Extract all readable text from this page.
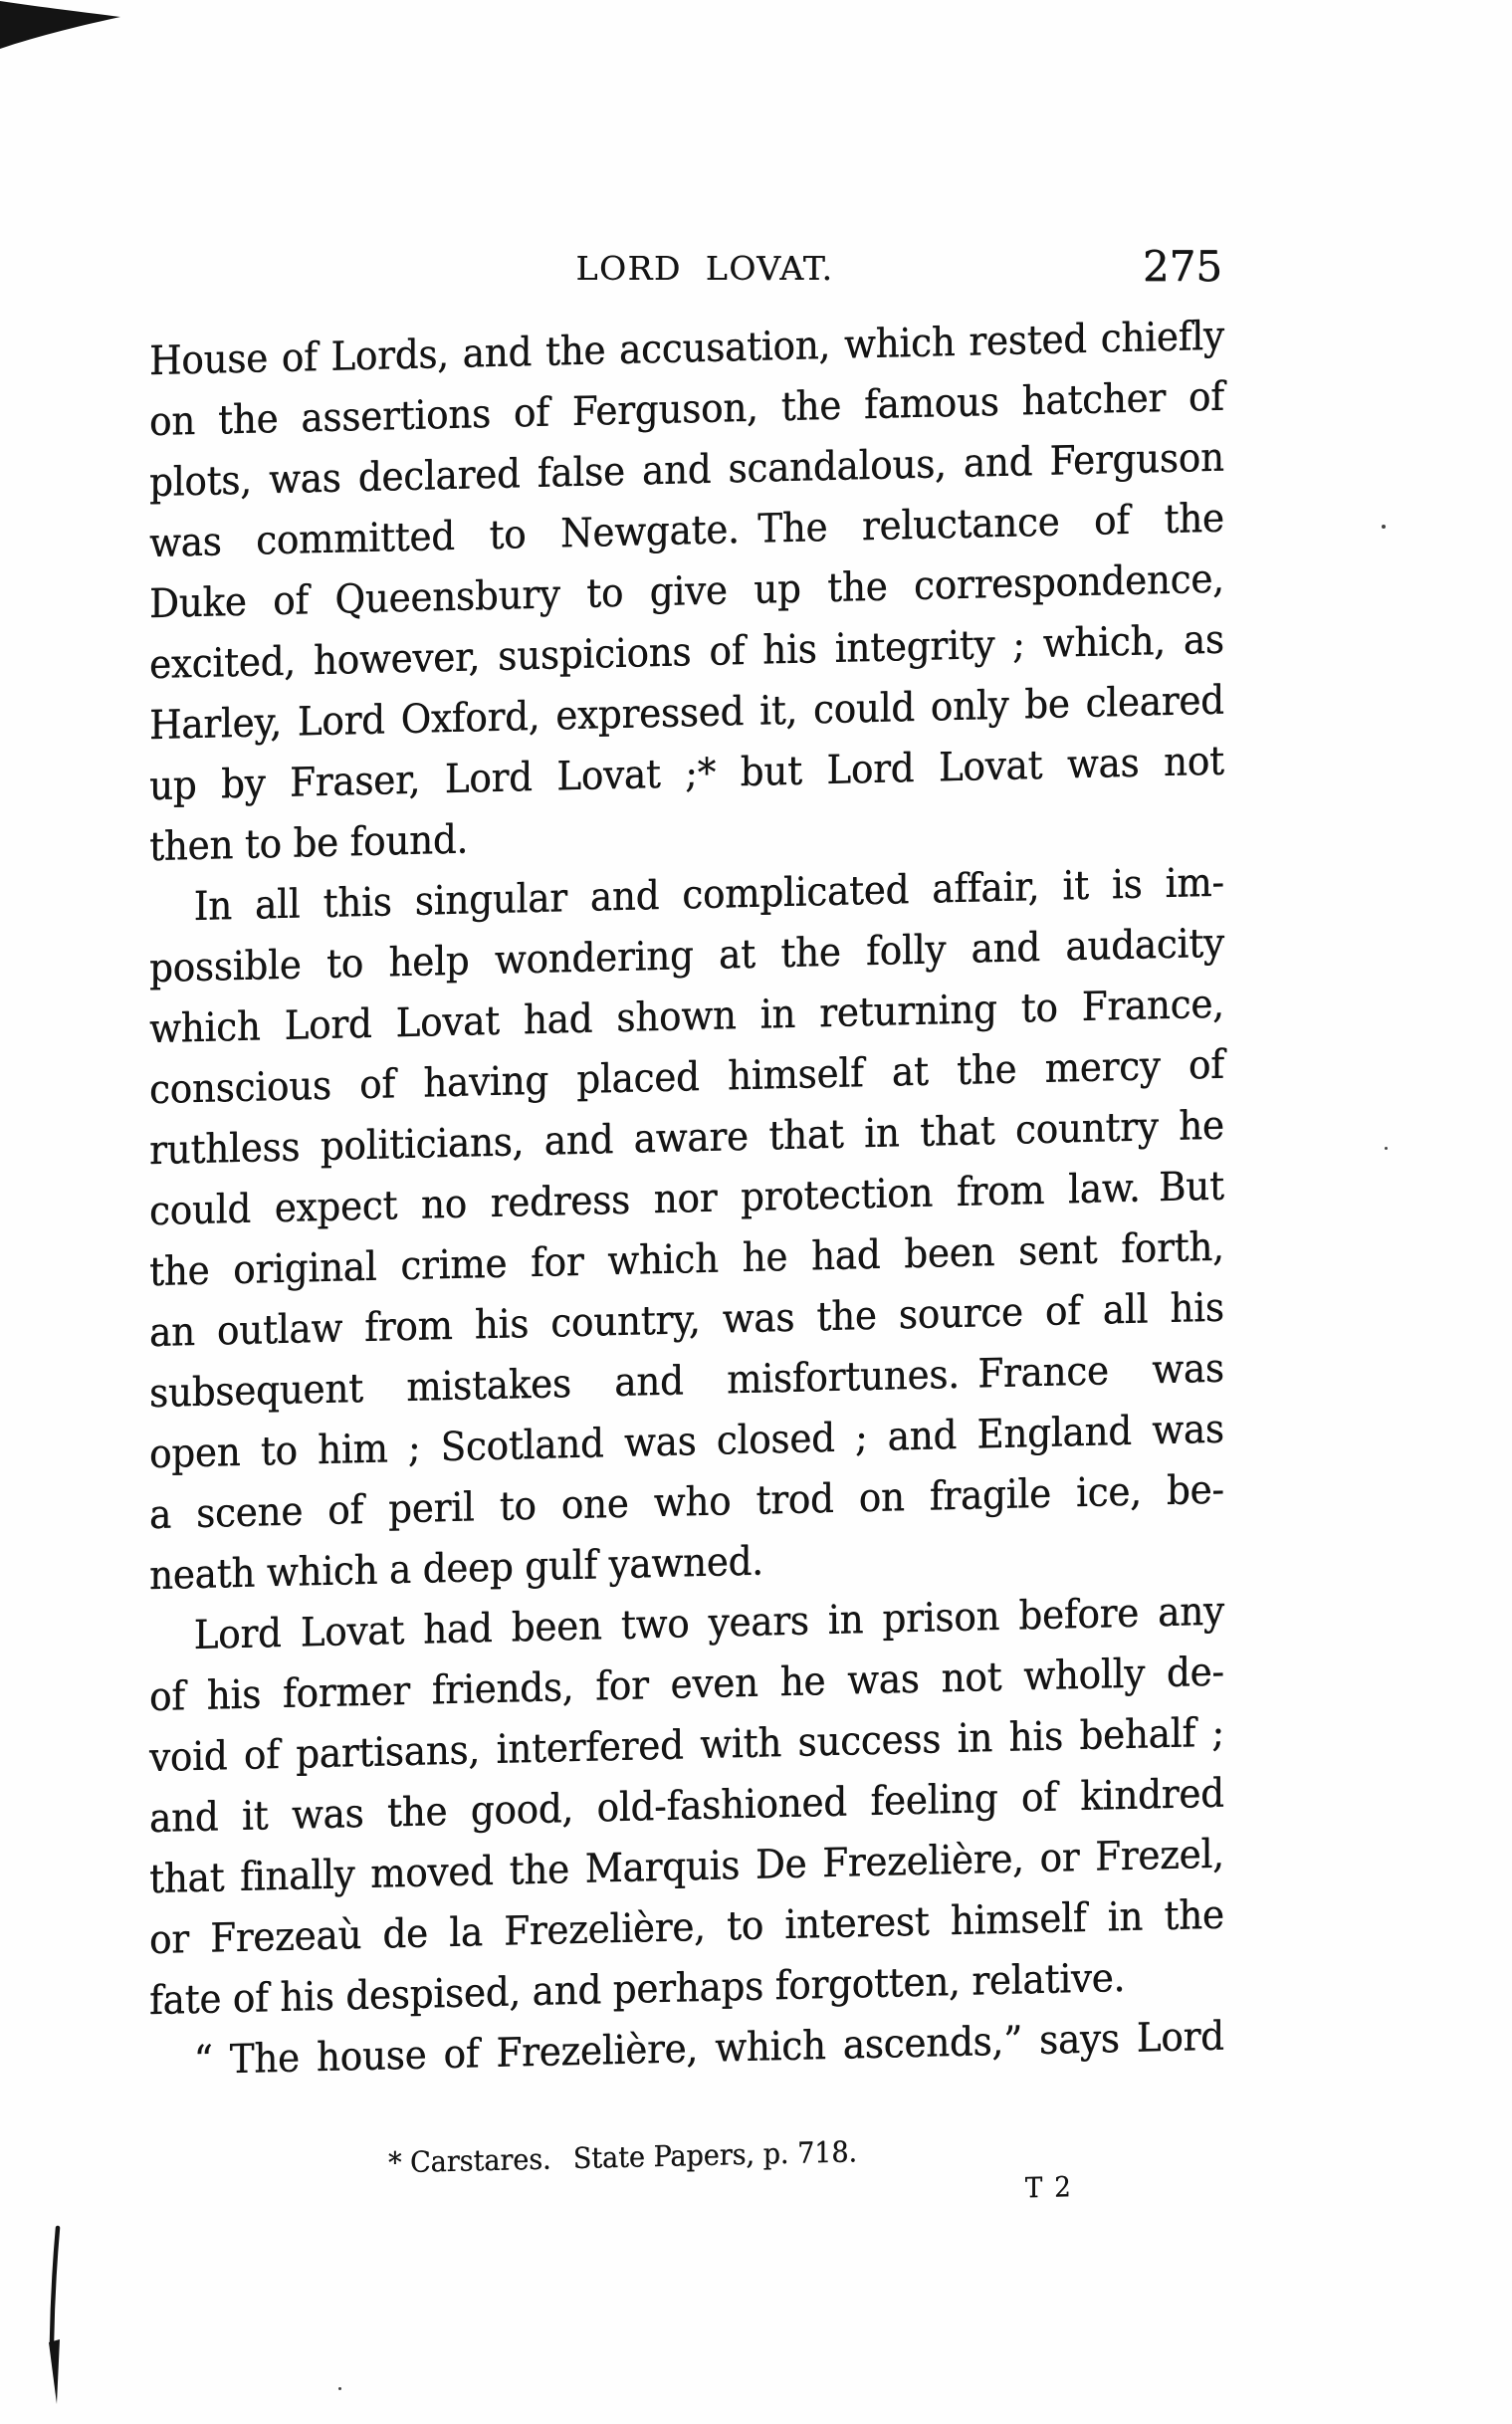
LORD LOVAT.	275
House of Lords, and the accusation, which rested chiefly
on the assertions of Ferguson, the famous hatcher of
plots, was declared false and scandalous, and Ferguson
was committed to Newgate. The reluctance of the
Duke of Queensbury to give up the correspondence,
excited, however, suspicions of his integrity ; which, as
Harley, Lord Oxford, expressed it, could only be cleared
up by Fraser, Lord Lovat ;* but Lord Lovat was not
then to be found.
In all this singular and complicated affair, it is im-
possible to help wondering at the folly and audacity
which Lord Lovat had shown in returning to France,
conscious of having placed himself at the mercy of
ruthless politicians, and aware that in that country he
could expect no redress nor protection from law. But
the original crime for which he had been sent forth,
an outlaw from his country, was the source of all his
subsequent mistakes and misfortunes. France was
open to him ; Scotland was closed ; and England was
a scene of peril to one who trod on fragile ice, be-
neath which a deep gulf yawned.
Lord Lovat had been two years in prison before any
of his former friends, for even he was not wholly de-
void of partisans, interfered with success in his behalf ;
and it was the good, old-fashioned feeling of kindred
that finally moved the Marquis De Frezelière, or Frezel,
or Frezeaù de la Frezelière, to interest himself in the
fate of his despised, and perhaps forgotten, relative.
“ The house of Frezelière, which ascends,” says Lord
* Carstares.  State Papers, p. 718.
T 2
